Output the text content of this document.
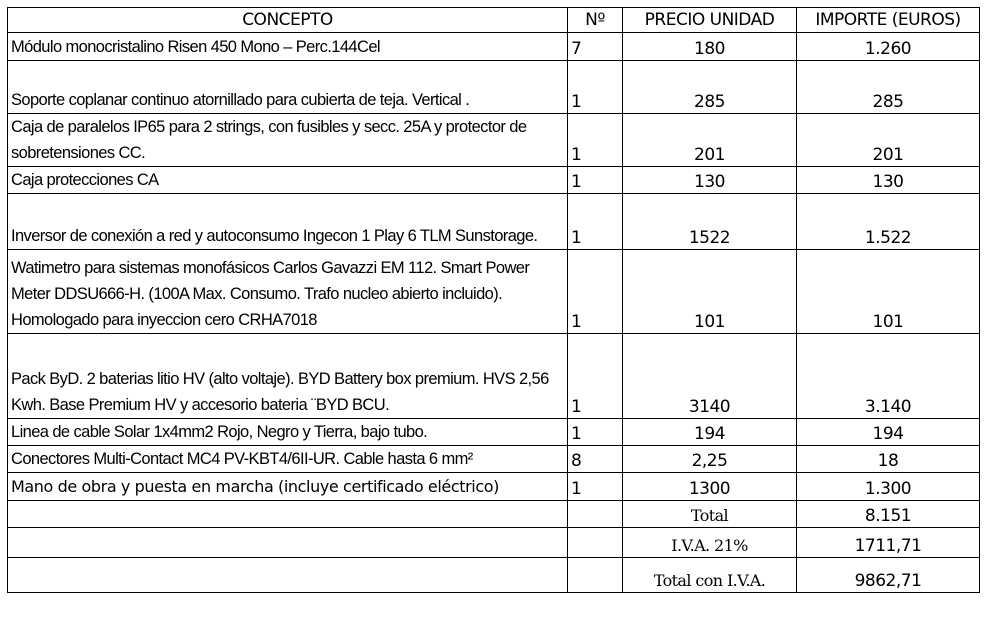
CONCEPTO	Nº	PRECIO UNIDAD	IMPORTE (EUROS)
Módulo monocristalino Risen 450 Mono – Perc.144Cel	7	180	1.260
Soporte coplanar continuo atornillado para cubierta de teja. Vertical .	1	285	285
Caja de paralelos IP65 para 2 strings, con fusibles y secc. 25A y protector de sobretensiones CC.	1	201	201
Caja protecciones CA	1	130	130
Inversor de conexión a red y autoconsumo Ingecon 1 Play 6 TLM Sunstorage.	1	1522	1.522
Watimetro para sistemas monofásicos Carlos Gavazzi EM 112. Smart Power Meter DDSU666-H. (100A Max. Consumo. Trafo nucleo abierto incluido). Homologado para inyeccion cero CRHA7018	1	101	101
Pack ByD. 2 baterias litio HV (alto voltaje). BYD Battery box premium. HVS 2,56 Kwh. Base Premium HV y accesorio bateria ¨BYD BCU.	1	3140	3.140
Linea de cable Solar 1x4mm2 Rojo, Negro y Tierra, bajo tubo.	1	194	194
Conectores Multi-Contact MC4 PV-KBT4/6II-UR. Cable hasta 6 mm²	8	2,25	18
Mano de obra y puesta en marcha (incluye certificado eléctrico)	1	1300	1.300
		Total	8.151
		I.V.A. 21%	1711,71
		Total con I.V.A.	9862,71
